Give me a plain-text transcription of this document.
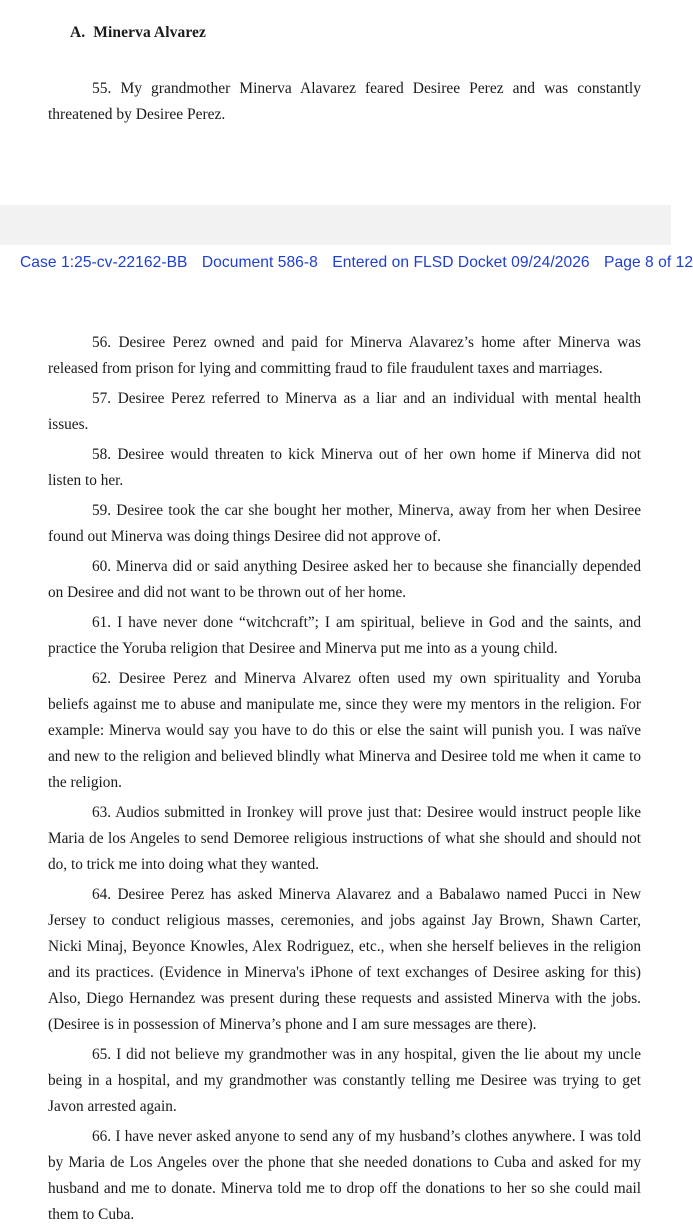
A. Minerva Alvarez

55. My grandmother Minerva Alavarez feared Desiree Perez and was constantly threatened by Desiree Perez.

Case 1:25-cv-22162-BB Document 586-8 Entered on FLSD Docket 09/24/2026 Page 8 of 12

56. Desiree Perez owned and paid for Minerva Alavarez’s home after Minerva was released from prison for lying and committing fraud to file fraudulent taxes and marriages.

57. Desiree Perez referred to Minerva as a liar and an individual with mental health issues.

58. Desiree would threaten to kick Minerva out of her own home if Minerva did not listen to her.

59. Desiree took the car she bought her mother, Minerva, away from her when Desiree found out Minerva was doing things Desiree did not approve of.

60. Minerva did or said anything Desiree asked her to because she financially depended on Desiree and did not want to be thrown out of her home.

61. I have never done “witchcraft”; I am spiritual, believe in God and the saints, and practice the Yoruba religion that Desiree and Minerva put me into as a young child.

62. Desiree Perez and Minerva Alvarez often used my own spirituality and Yoruba beliefs against me to abuse and manipulate me, since they were my mentors in the religion. For example: Minerva would say you have to do this or else the saint will punish you. I was naïve and new to the religion and believed blindly what Minerva and Desiree told me when it came to the religion.

63. Audios submitted in Ironkey will prove just that: Desiree would instruct people like Maria de los Angeles to send Demoree religious instructions of what she should and should not do, to trick me into doing what they wanted.

64. Desiree Perez has asked Minerva Alavarez and a Babalawo named Pucci in New Jersey to conduct religious masses, ceremonies, and jobs against Jay Brown, Shawn Carter, Nicki Minaj, Beyonce Knowles, Alex Rodriguez, etc., when she herself believes in the religion and its practices. (Evidence in Minerva's iPhone of text exchanges of Desiree asking for this) Also, Diego Hernandez was present during these requests and assisted Minerva with the jobs. (Desiree is in possession of Minerva’s phone and I am sure messages are there).

65. I did not believe my grandmother was in any hospital, given the lie about my uncle being in a hospital, and my grandmother was constantly telling me Desiree was trying to get Javon arrested again.

66. I have never asked anyone to send any of my husband’s clothes anywhere. I was told by Maria de Los Angeles over the phone that she needed donations to Cuba and asked for my husband and me to donate. Minerva told me to drop off the donations to her so she could mail them to Cuba.
